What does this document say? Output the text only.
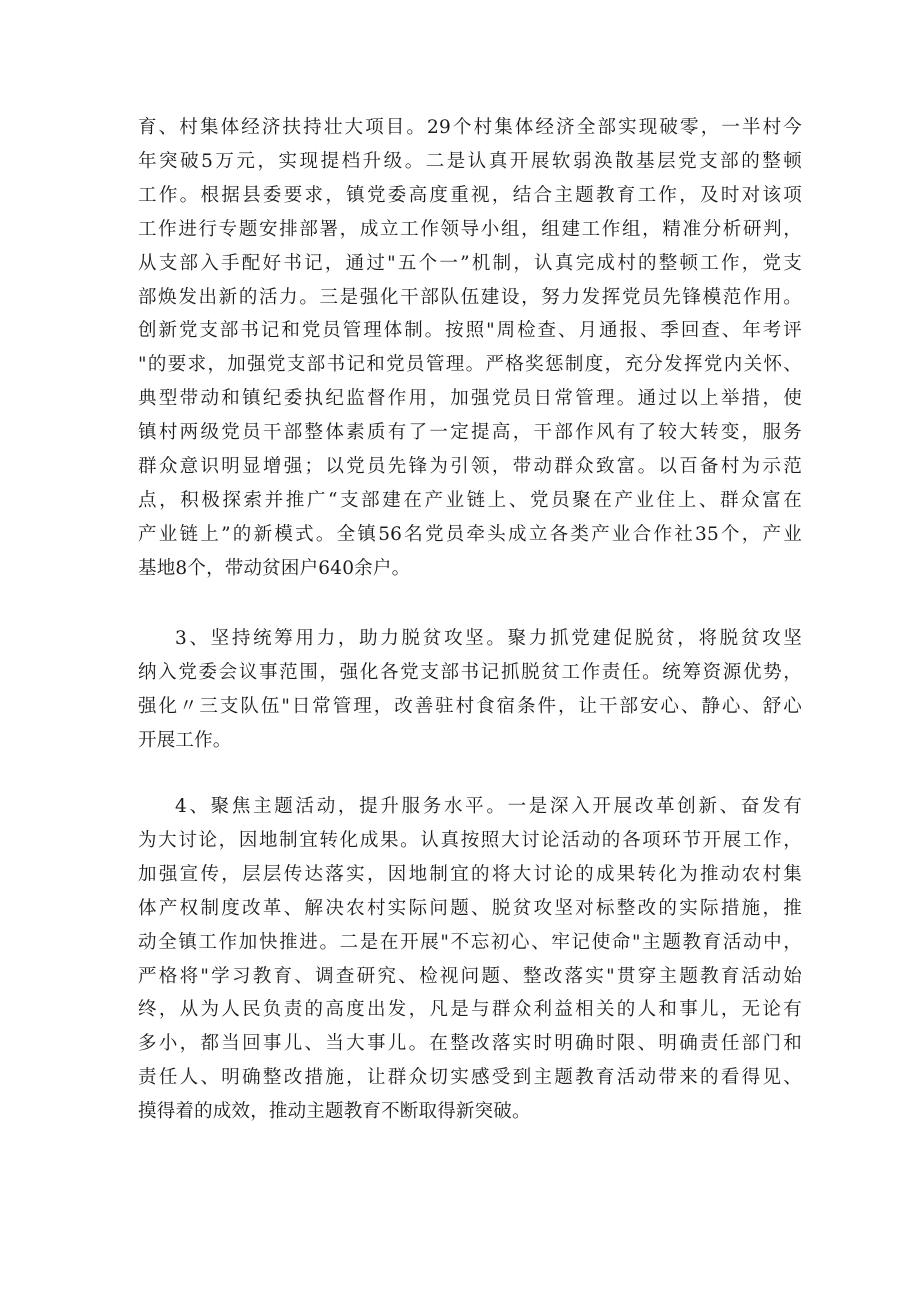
育、村集体经济扶持壮大项目。29个村集体经济全部实现破零，一半村今
年突破5万元，实现提档升级。二是认真开展软弱涣散基层党支部的整顿
工作。根据县委要求，镇党委高度重视，结合主题教育工作，及时对该项
工作进行专题安排部署，成立工作领导小组，组建工作组，精准分析研判，
从支部入手配好书记，通过"五个一”机制，认真完成村的整顿工作，党支
部焕发出新的活力。三是强化干部队伍建设，努力发挥党员先锋模范作用。
创新党支部书记和党员管理体制。按照"周检查、月通报、季回查、年考评
"的要求，加强党支部书记和党员管理。严格奖惩制度，充分发挥党内关怀、
典型带动和镇纪委执纪监督作用，加强党员日常管理。通过以上举措，使
镇村两级党员干部整体素质有了一定提高，干部作风有了较大转变，服务
群众意识明显增强；以党员先锋为引领，带动群众致富。以百备村为示范
点，积极探索并推广“支部建在产业链上、党员聚在产业住上、群众富在
产业链上”的新模式。全镇56名党员牵头成立各类产业合作社35个，产业
基地8个，带动贫困户640余户。
3、坚持统筹用力，助力脱贫攻坚。聚力抓党建促脱贫，将脱贫攻坚
纳入党委会议事范围，强化各党支部书记抓脱贫工作责任。统筹资源优势，
强化〃三支队伍"日常管理，改善驻村食宿条件，让干部安心、静心、舒心
开展工作。
4、聚焦主题活动，提升服务水平。一是深入开展改革创新、奋发有
为大讨论，因地制宜转化成果。认真按照大讨论活动的各项环节开展工作，
加强宣传，层层传达落实，因地制宜的将大讨论的成果转化为推动农村集
体产权制度改革、解决农村实际问题、脱贫攻坚对标整改的实际措施，推
动全镇工作加快推进。二是在开展"不忘初心、牢记使命"主题教育活动中，
严格将"学习教育、调查研究、检视问题、整改落实"贯穿主题教育活动始
终，从为人民负责的高度出发，凡是与群众利益相关的人和事儿，无论有
多小，都当回事儿、当大事儿。在整改落实时明确时限、明确责任部门和
责任人、明确整改措施，让群众切实感受到主题教育活动带来的看得见、
摸得着的成效，推动主题教育不断取得新突破。
